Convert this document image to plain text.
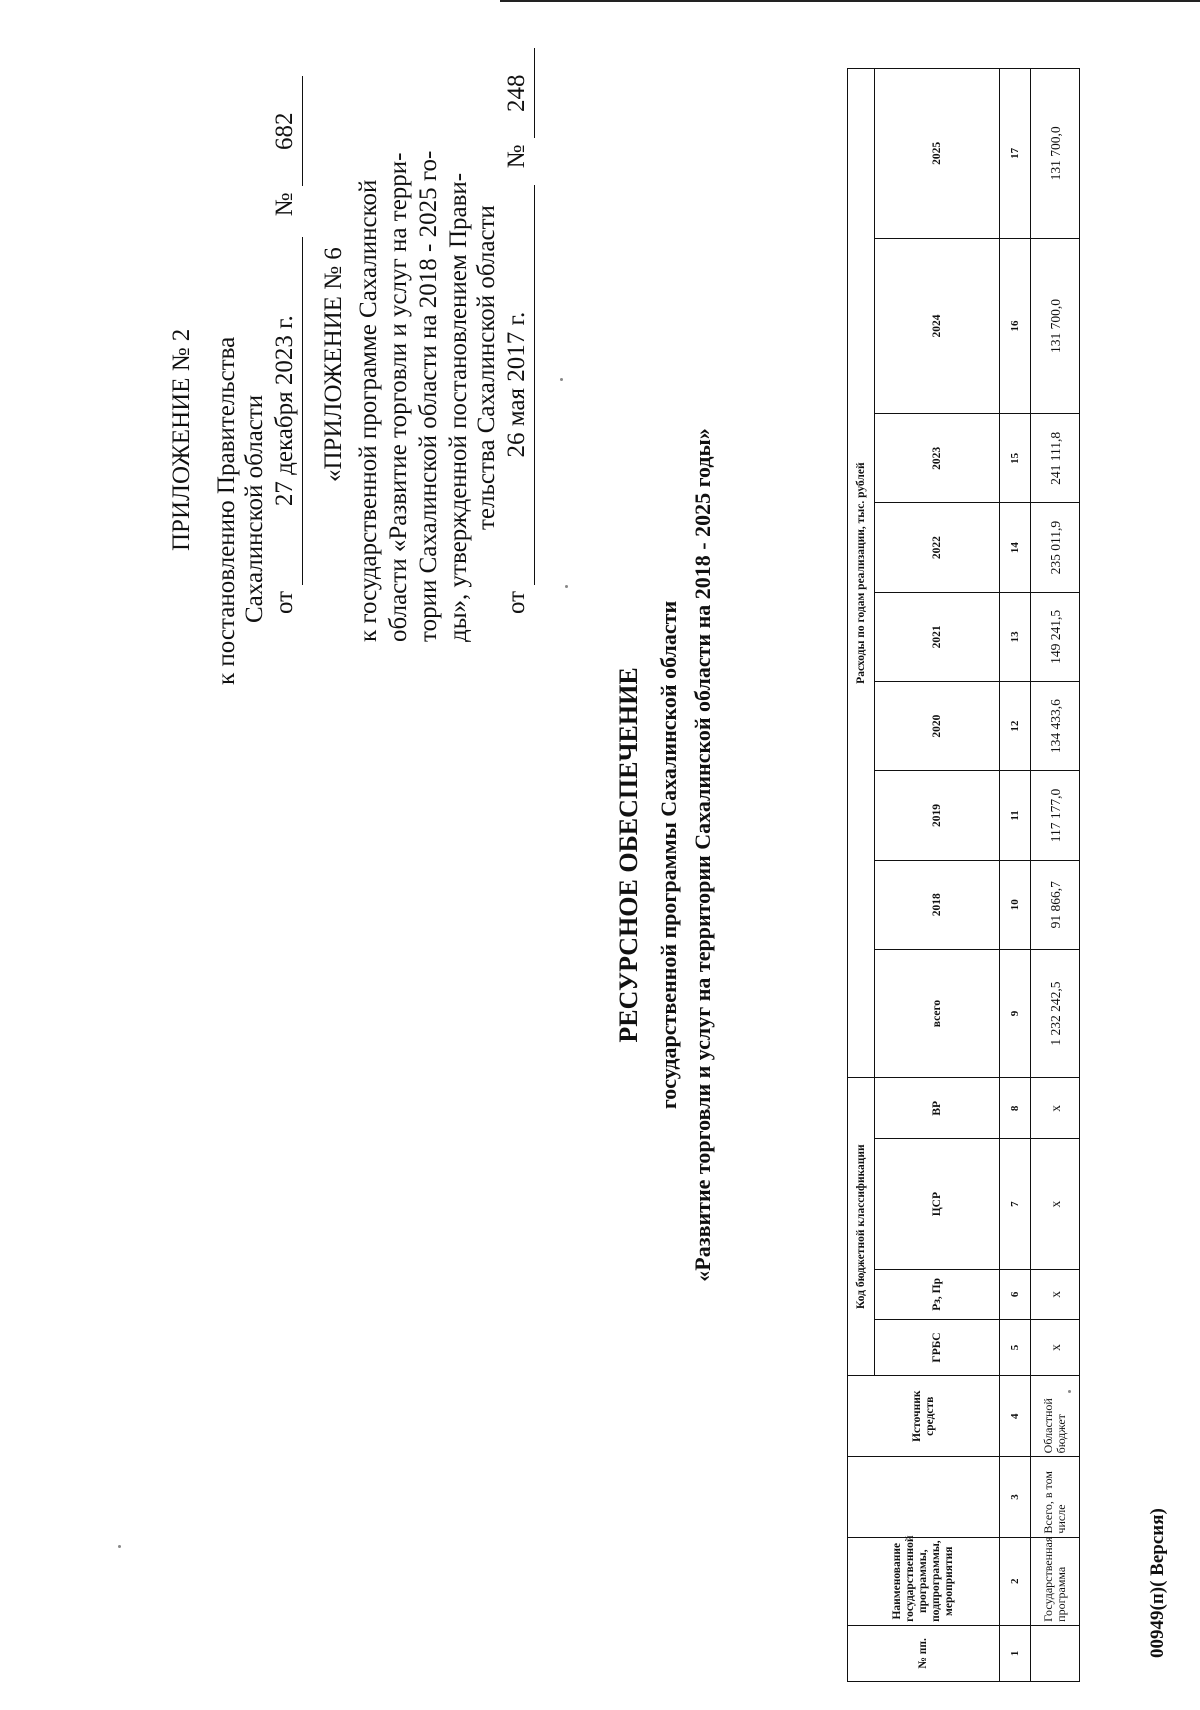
ПРИЛОЖЕНИЕ № 2 к постановлению Правительства Сахалинской области от 27 декабря 2023 г. № 682
«ПРИЛОЖЕНИЕ № 6 к государственной программе Сахалинской области «Развитие торговли и услуг на терри- тории Сахалинской области на 2018 - 2025 го- ды», утвержденной постановлением Прави- тельства Сахалинской области
от 26 мая 2017 г. № 248
РЕСУРСНОЕ ОБЕСПЕЧЕНИЕ государственной программы Сахалинской области «Развитие торговли и услуг на территории Сахалинской области на 2018 - 2025 годы»
№ пп.	Наименование государственной программы, подпрограммы, мероприятия		Источник средств	Код бюджетной классификации				Расходы по годам реализации, тыс. рублей								
				ГРБС	Рз, Пр	ЦСР	ВР	всего	2018	2019	2020	2021	2022	2023	2024	2025
1	2	3	4	5	6	7	8	9	10	11	12	13	14	15	16	17
	Государственная программа	Всего, в том числе	Областной бюджет	х	х	х	х	1 232 242,5	91 866,7	117 177,0	134 433,6	149 241,5	235 011,9	241 111,8	131 700,0	131 700,0
00949(п)( Версия)
